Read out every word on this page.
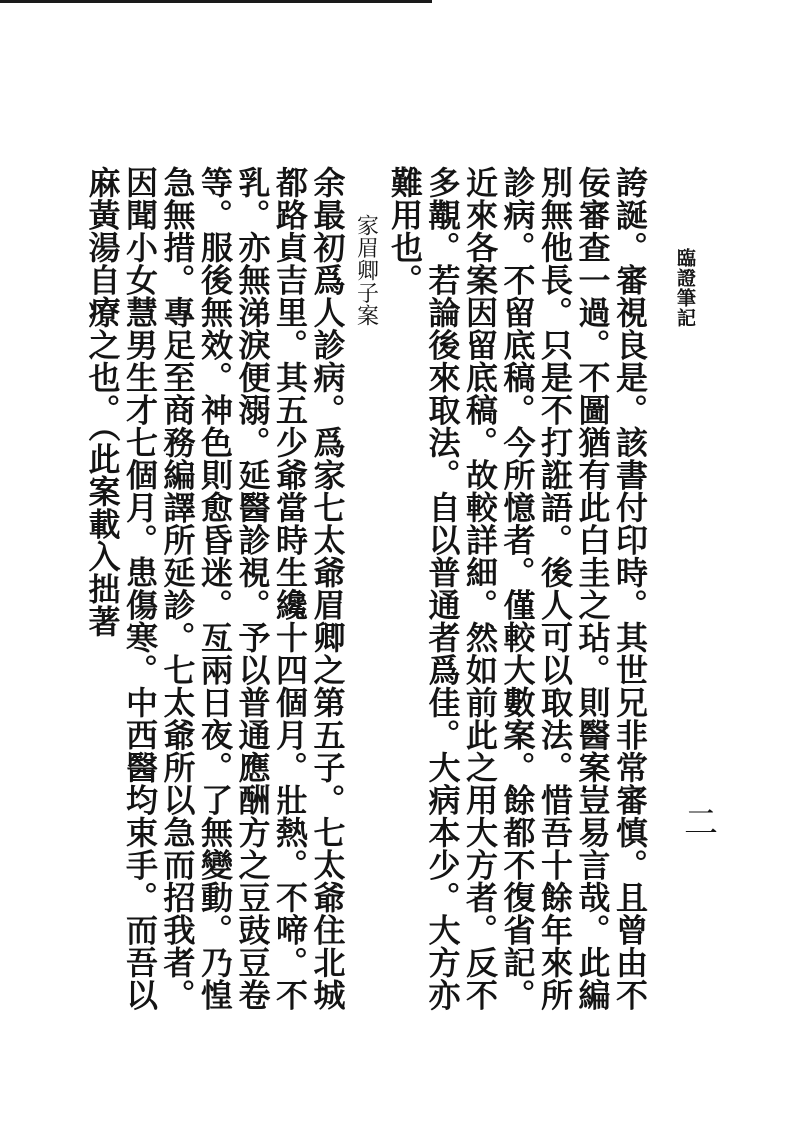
臨證筆記
二

誇誕。審視良是。該書付印時。其世兄非常審慎。且曾由不佞審查一過。不圖猶有此白圭之玷。則醫案豈易言哉。此編別無他長。只是不打誑語。後人可以取法。惜吾十餘年來所診病。不留底稿。今所憶者。僅較大數案。餘都不復省記。近來各案因留底稿。故較詳細。然如前此之用大方者。反不多覯。若論後來取法。自以普通者爲佳。大病本少。大方亦難用也。

家眉卿子案

余最初爲人診病。爲家七太爺眉卿之第五子。七太爺住北城都路貞吉里。其五少爺當時生纔十四個月。壯熱。不啼。不乳。亦無涕淚便溺。延醫診視。予以普通應酬方之豆豉豆卷等。服後無效。神色則愈昏迷。亙兩日夜。了無變動。乃惶急無措。專足至商務編譯所延診。七太爺所以急而招我者。因聞小女慧男生才七個月。患傷寒。中西醫均束手。而吾以麻黃湯自療之也。（此案載入拙著
